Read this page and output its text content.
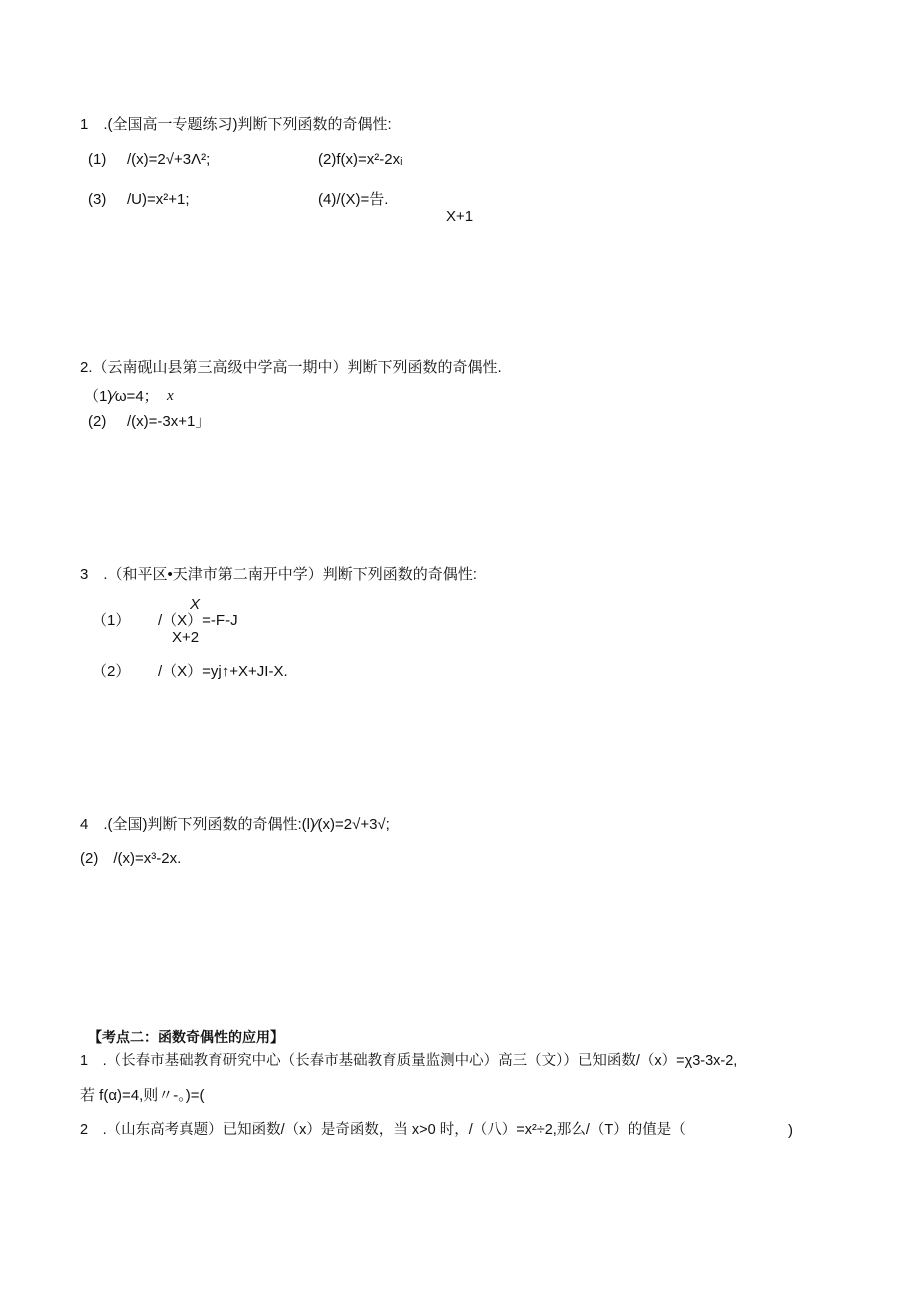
1　.(全国高一专题练习)判断下列函数的奇偶性:
(1) /(x)=2√+3Λ²;	(2)f(x)=x²-2xᵢ
(3) /U)=x²+1;	(4)/(X)=告.
X+1
2.（云南砚山县第三高级中学高一期中）判断下列函数的奇偶性.
（1)⁄ω=4； x
(2) /(x)=-3x+1」
3　.（和平区•天津市第二南开中学）判断下列函数的奇偶性:
X
（1） /（X）=-F-J
X+2
（2） /（X）=yj↑+X+JI-X.
4　.(全国)判断下列函数的奇偶性:(l)⁄(x)=2√+3√;
(2)　/(x)=x³-2x.
【考点二：函数奇偶性的应用】
1　.（长春市基础教育研究中心（长春市基础教育质量监测中心）高三（文））已知函数/（x）=χ3-3x-2,
若 f(α)=4,则〃-。)=(
2　.（山东高考真题）已知函数/（x）是奇函数，当 x>0 时，/（八）=x²÷2,那么/（T）的值是（	)
